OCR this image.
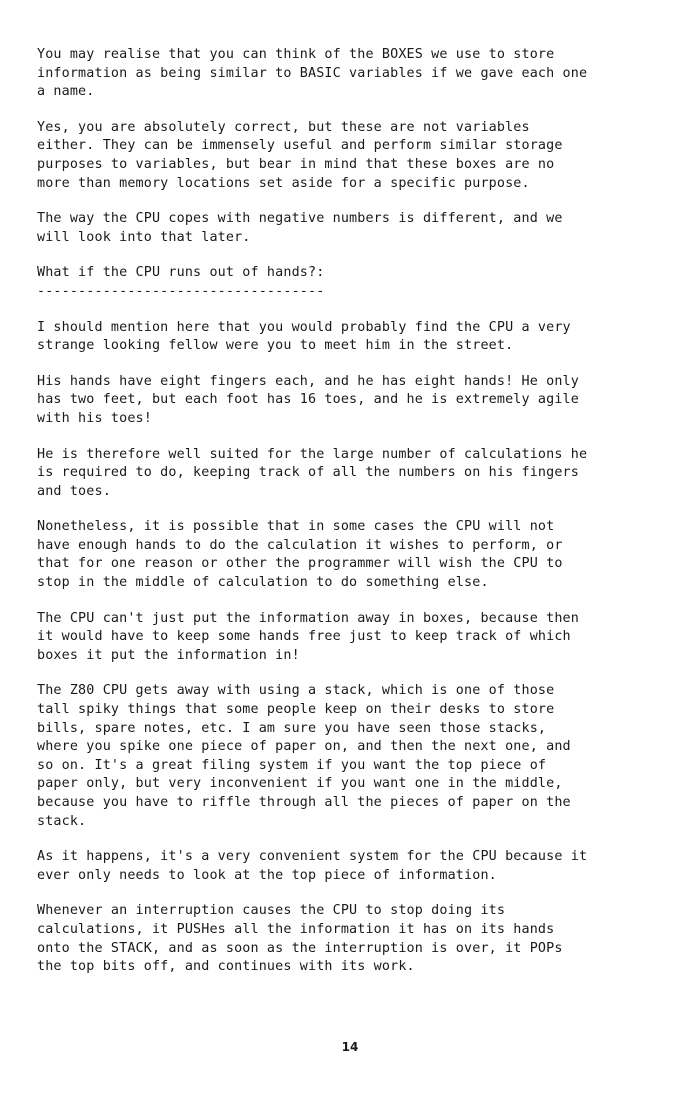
You may realise that you can think of the BOXES we use to store
information as being similar to BASIC variables if we gave each one
a name.

Yes, you are absolutely correct, but these are not variables
either. They can be immensely useful and perform similar storage
purposes to variables, but bear in mind that these boxes are no
more than memory locations set aside for a specific purpose.

The way the CPU copes with negative numbers is different, and we
will look into that later.

What if the CPU runs out of hands?:

-----------------------------------

I should mention here that you would probably find the CPU a very
strange looking fellow were you to meet him in the street.

His hands have eight fingers each, and he has eight hands! He only
has two feet, but each foot has 16 toes, and he is extremely agile
with his toes!

He is therefore well suited for the large number of calculations he
is required to do, keeping track of all the numbers on his fingers
and toes.

Nonetheless, it is possible that in some cases the CPU will not
have enough hands to do the calculation it wishes to perform, or
that for one reason or other the programmer will wish the CPU to
stop in the middle of calculation to do something else.

The CPU can't just put the information away in boxes, because then
it would have to keep some hands free just to keep track of which
boxes it put the information in!

The Z80 CPU gets away with using a stack, which is one of those
tall spiky things that some people keep on their desks to store
bills, spare notes, etc. I am sure you have seen those stacks,
where you spike one piece of paper on, and then the next one, and
so on. It's a great filing system if you want the top piece of
paper only, but very inconvenient if you want one in the middle,
because you have to riffle through all the pieces of paper on the
stack.

As it happens, it's a very convenient system for the CPU because it
ever only needs to look at the top piece of information.

Whenever an interruption causes the CPU to stop doing its
calculations, it PUSHes all the information it has on its hands
onto the STACK, and as soon as the interruption is over, it POPs
the top bits off, and continues with its work.

14
